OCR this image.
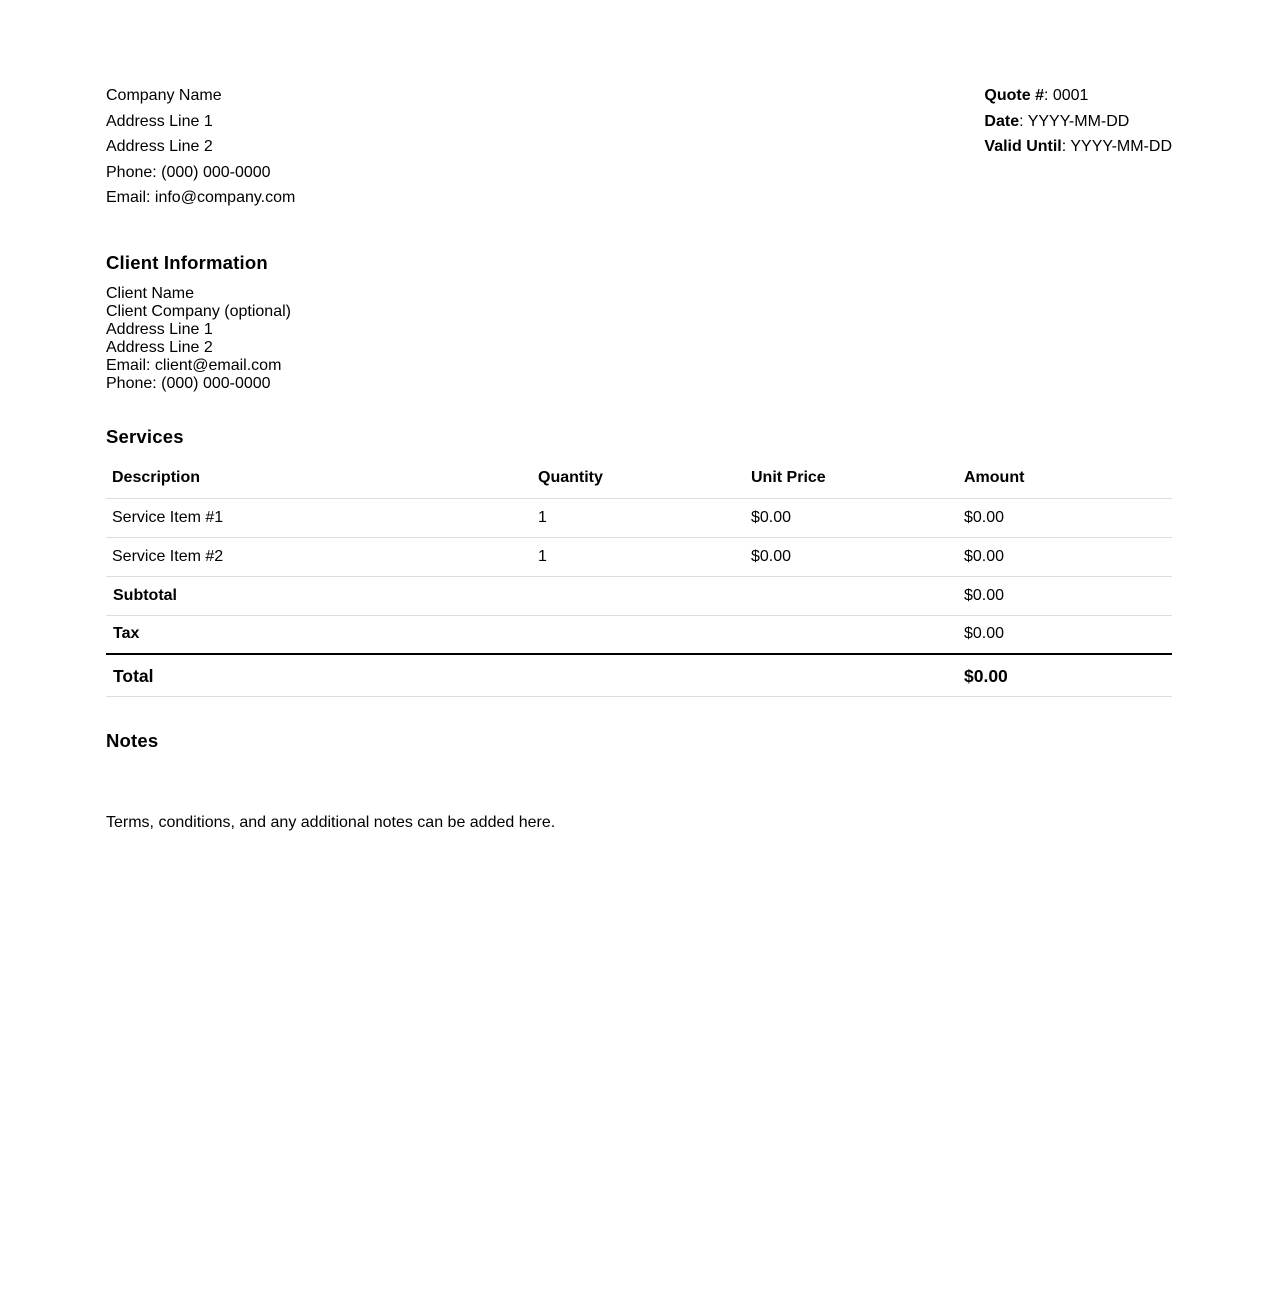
Company Name
Address Line 1
Address Line 2
Phone: (000) 000-0000
Email: info@company.com
Quote #: 0001
Date: YYYY-MM-DD
Valid Until: YYYY-MM-DD
Client Information
Client Name
Client Company (optional)
Address Line 1
Address Line 2
Email: client@email.com
Phone: (000) 000-0000
Services
Description	Quantity	Unit Price	Amount
Service Item #1	1	$0.00	$0.00
Service Item #2	1	$0.00	$0.00
Subtotal			$0.00
Tax			$0.00
Total			$0.00
Notes
Terms, conditions, and any additional notes can be added here.
